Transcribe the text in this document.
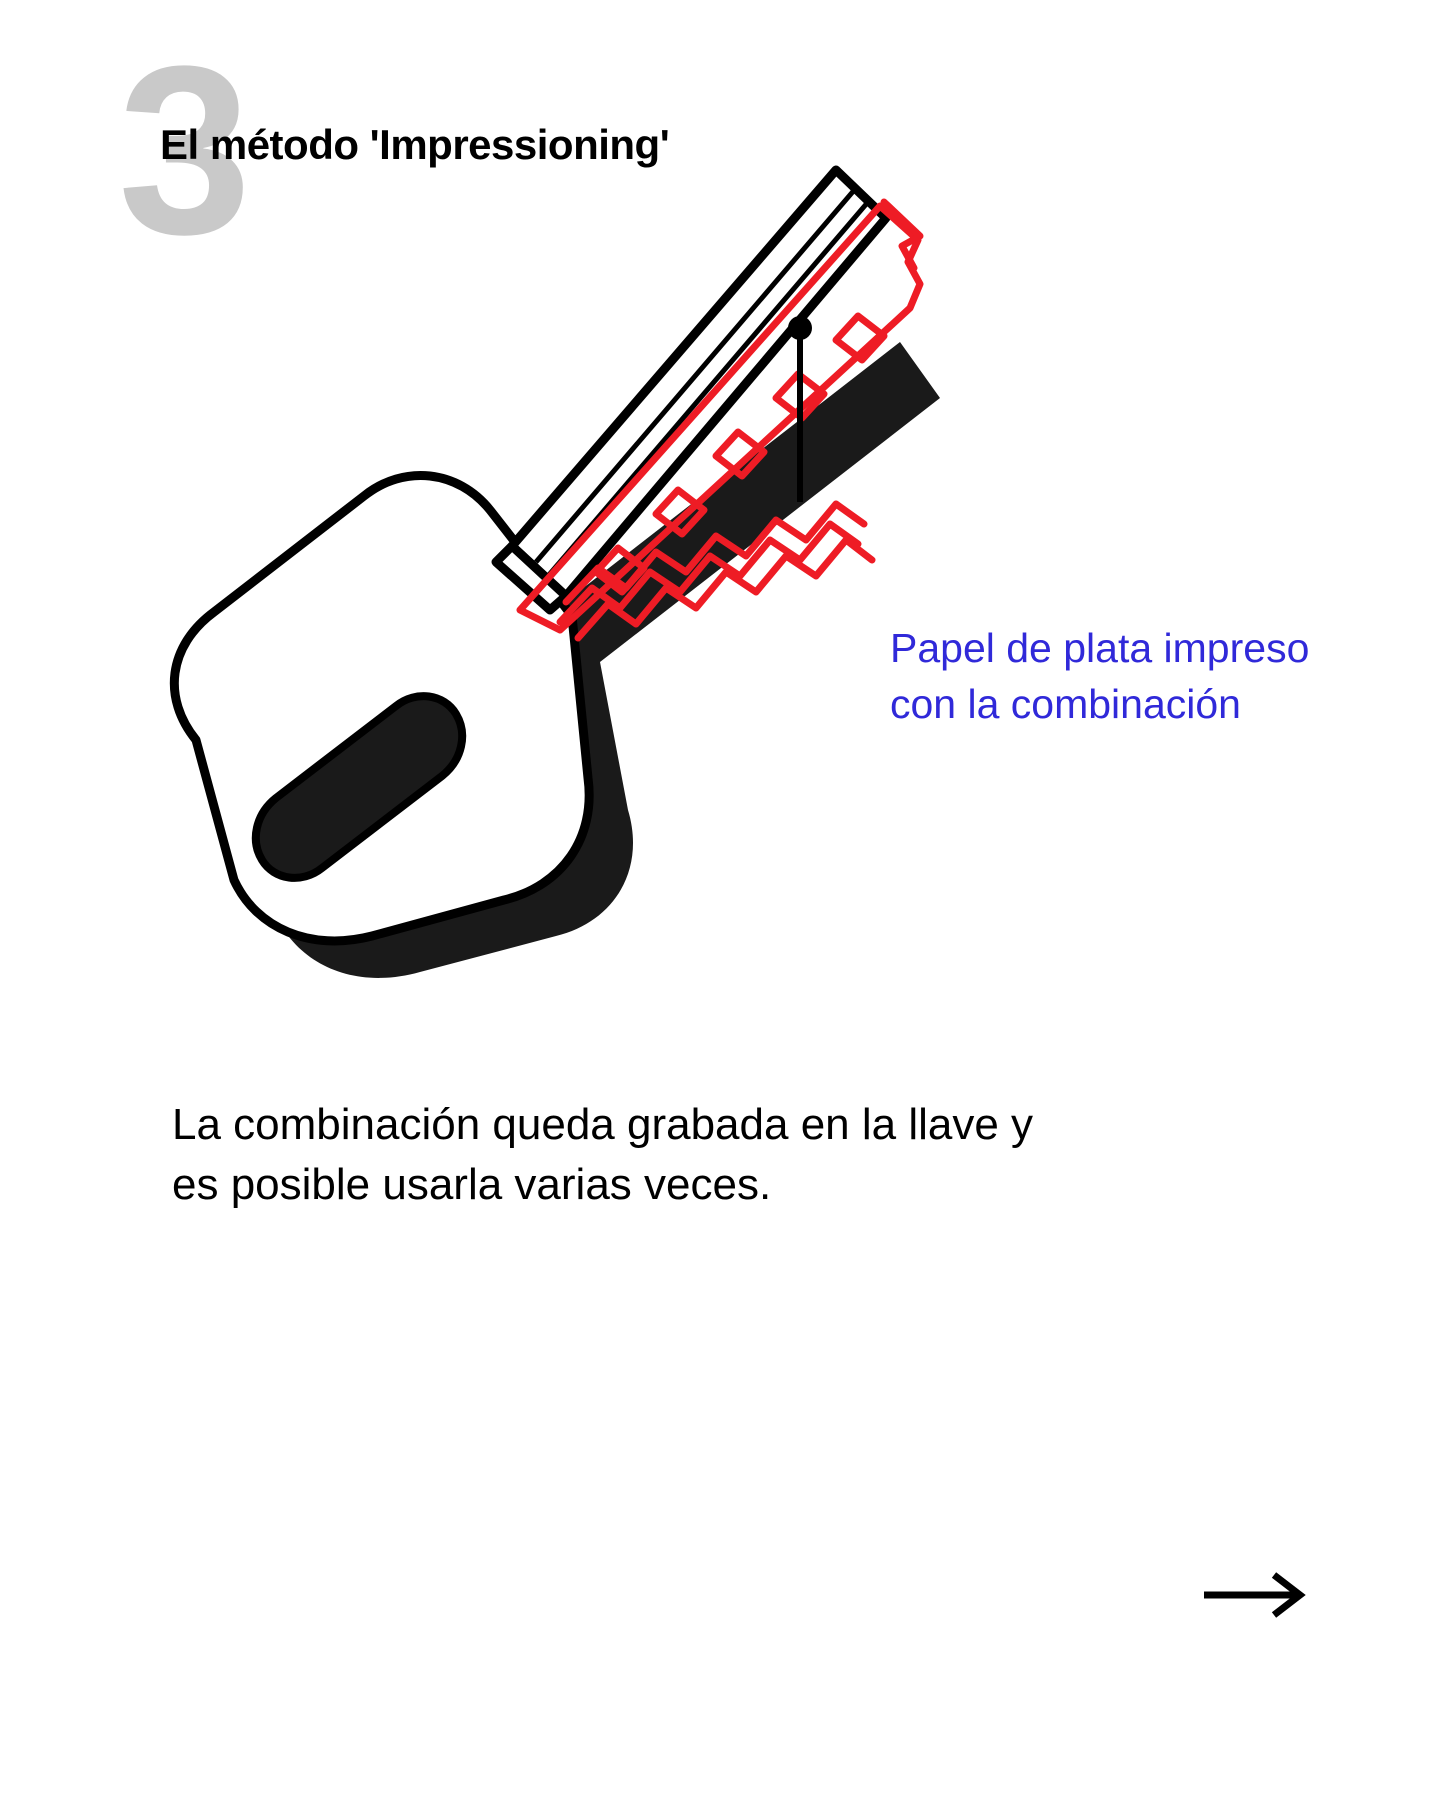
3
El método 'Impressioning'
Papel de plata impreso con la combinación
La combinación queda grabada en la llave y es posible usarla varias veces.
